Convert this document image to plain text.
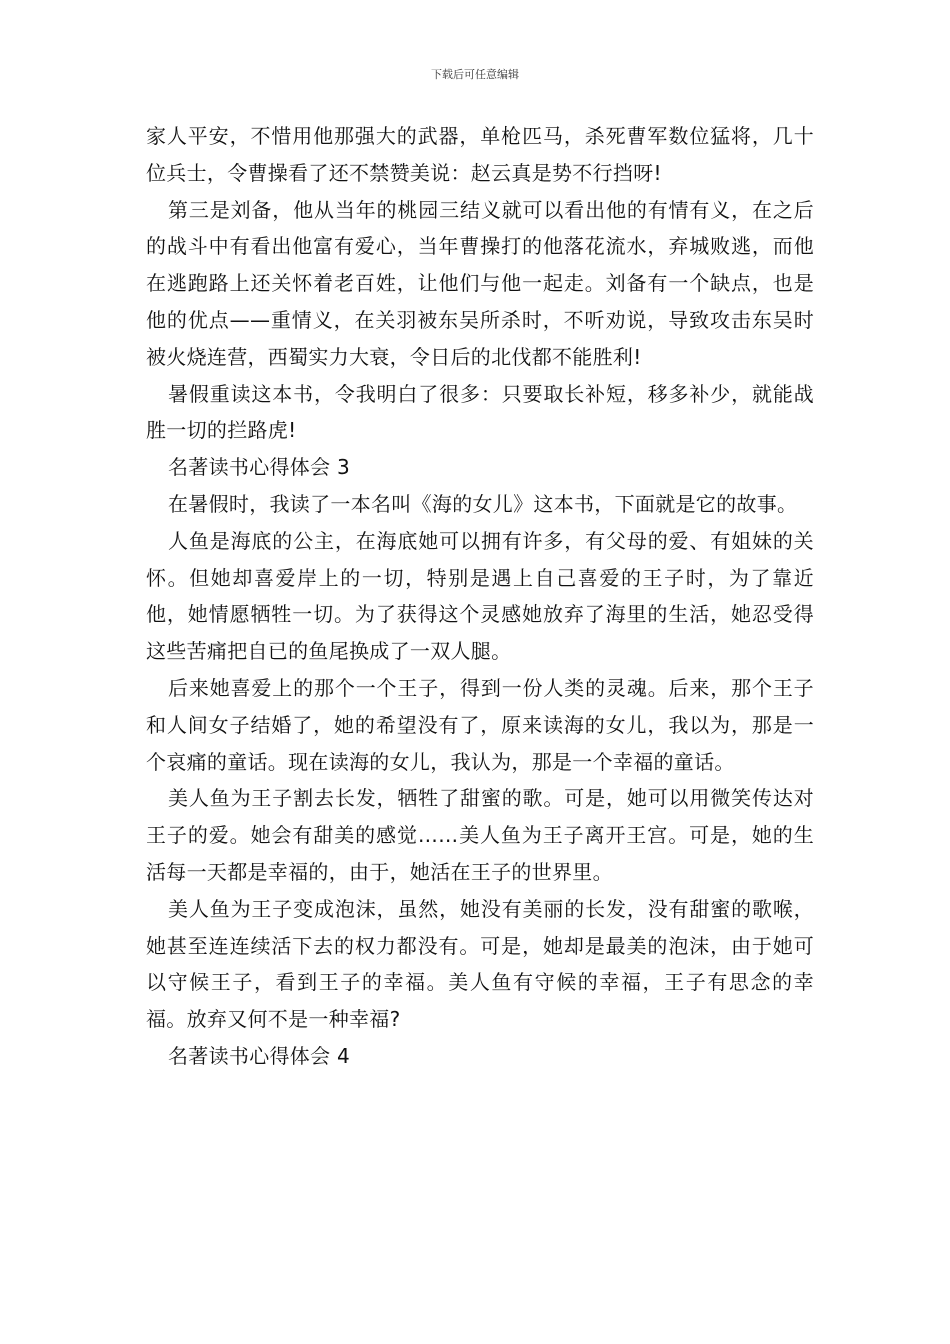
下载后可任意编辑

家人平安，不惜用他那强大的武器，单枪匹马，杀死曹军数位猛将，几十位兵士，令曹操看了还不禁赞美说：赵云真是势不行挡呀!

第三是刘备，他从当年的桃园三结义就可以看出他的有情有义，在之后的战斗中有看出他富有爱心，当年曹操打的他落花流水，弃城败逃，而他在逃跑路上还关怀着老百姓，让他们与他一起走。刘备有一个缺点，也是他的优点——重情义，在关羽被东吴所杀时，不听劝说，导致攻击东吴时被火烧连营，西蜀实力大衰，令日后的北伐都不能胜利!

暑假重读这本书，令我明白了很多：只要取长补短，移多补少，就能战胜一切的拦路虎!

名著读书心得体会 3

在暑假时，我读了一本名叫《海的女儿》这本书，下面就是它的故事。

人鱼是海底的公主，在海底她可以拥有许多，有父母的爱、有姐妹的关怀。但她却喜爱岸上的一切，特别是遇上自己喜爱的王子时，为了靠近他，她情愿牺牲一切。为了获得这个灵感她放弃了海里的生活，她忍受得这些苦痛把自已的鱼尾换成了一双人腿。

后来她喜爱上的那个一个王子，得到一份人类的灵魂。后来，那个王子和人间女子结婚了，她的希望没有了，原来读海的女儿，我以为，那是一个哀痛的童话。现在读海的女儿，我认为，那是一个幸福的童话。

美人鱼为王子割去长发，牺牲了甜蜜的歌。可是，她可以用微笑传达对王子的爱。她会有甜美的感觉……美人鱼为王子离开王宫。可是，她的生活每一天都是幸福的，由于，她活在王子的世界里。

美人鱼为王子变成泡沫，虽然，她没有美丽的长发，没有甜蜜的歌喉，她甚至连连续活下去的权力都没有。可是，她却是最美的泡沫，由于她可以守候王子，看到王子的幸福。美人鱼有守候的幸福，王子有思念的幸福。放弃又何不是一种幸福?

名著读书心得体会 4
